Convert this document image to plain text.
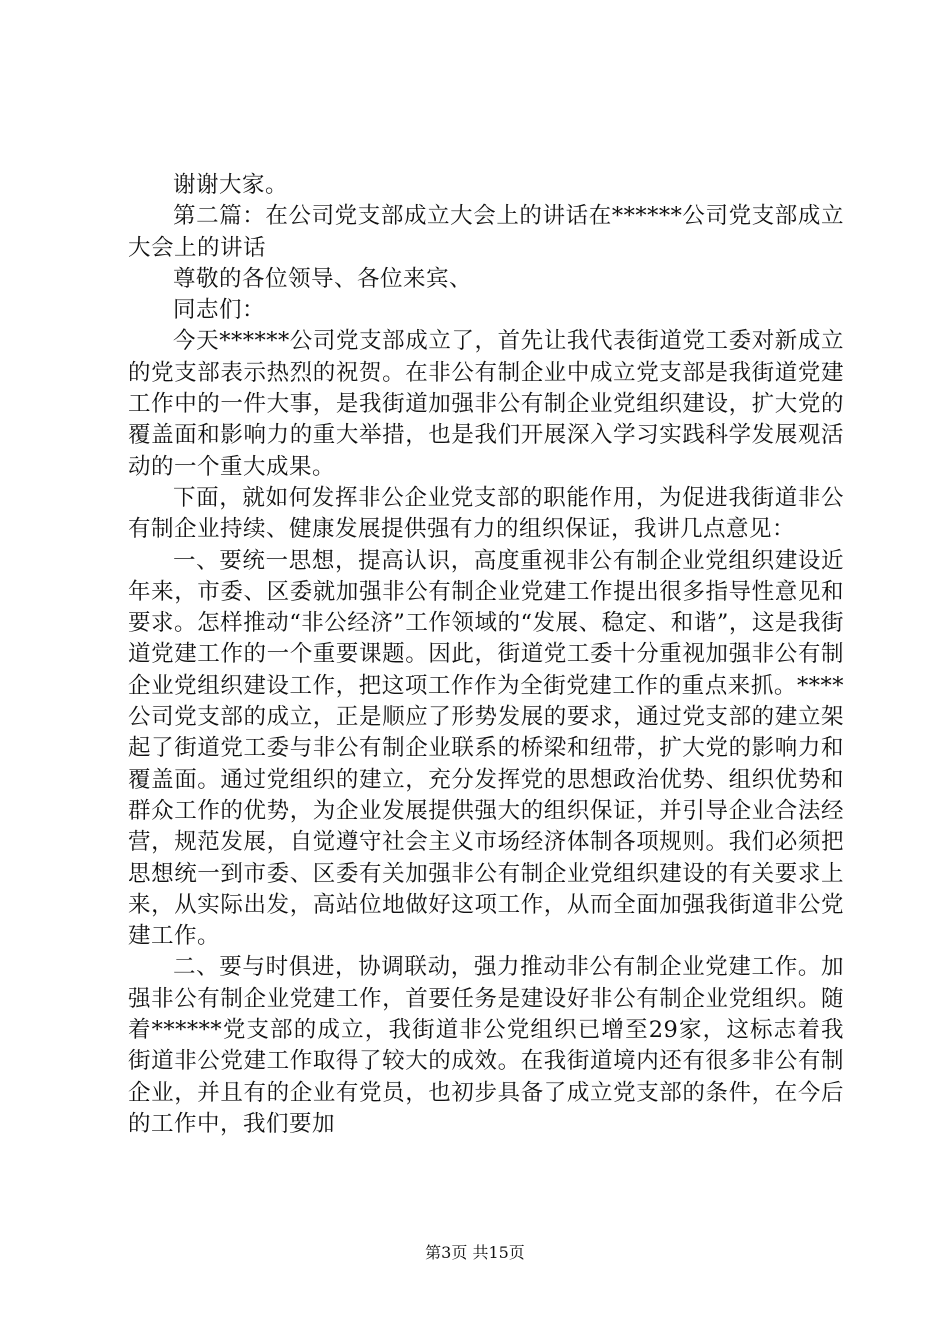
谢谢大家。

第二篇：在公司党支部成立大会上的讲话在******公司党支部成立大会上的讲话

尊敬的各位领导、各位来宾、

同志们：

今天******公司党支部成立了，首先让我代表街道党工委对新成立的党支部表示热烈的祝贺。在非公有制企业中成立党支部是我街道党建工作中的一件大事，是我街道加强非公有制企业党组织建设，扩大党的覆盖面和影响力的重大举措，也是我们开展深入学习实践科学发展观活动的一个重大成果。

下面，就如何发挥非公企业党支部的职能作用，为促进我街道非公有制企业持续、健康发展提供强有力的组织保证，我讲几点意见：

一、要统一思想，提高认识，高度重视非公有制企业党组织建设近年来，市委、区委就加强非公有制企业党建工作提出很多指导性意见和要求。怎样推动“非公经济”工作领域的“发展、稳定、和谐”，这是我街道党建工作的一个重要课题。因此，街道党工委十分重视加强非公有制企业党组织建设工作，把这项工作作为全街党建工作的重点来抓。****公司党支部的成立，正是顺应了形势发展的要求，通过党支部的建立架起了街道党工委与非公有制企业联系的桥梁和纽带，扩大党的影响力和覆盖面。通过党组织的建立，充分发挥党的思想政治优势、组织优势和群众工作的优势，为企业发展提供强大的组织保证，并引导企业合法经营，规范发展，自觉遵守社会主义市场经济体制各项规则。我们必须把思想统一到市委、区委有关加强非公有制企业党组织建设的有关要求上来，从实际出发，高站位地做好这项工作，从而全面加强我街道非公党建工作。

二、要与时俱进，协调联动，强力推动非公有制企业党建工作。加强非公有制企业党建工作，首要任务是建设好非公有制企业党组织。随着******党支部的成立，我街道非公党组织已增至29家，这标志着我街道非公党建工作取得了较大的成效。在我街道境内还有很多非公有制企业，并且有的企业有党员，也初步具备了成立党支部的条件，在今后的工作中，我们要加

第3页 共15页
